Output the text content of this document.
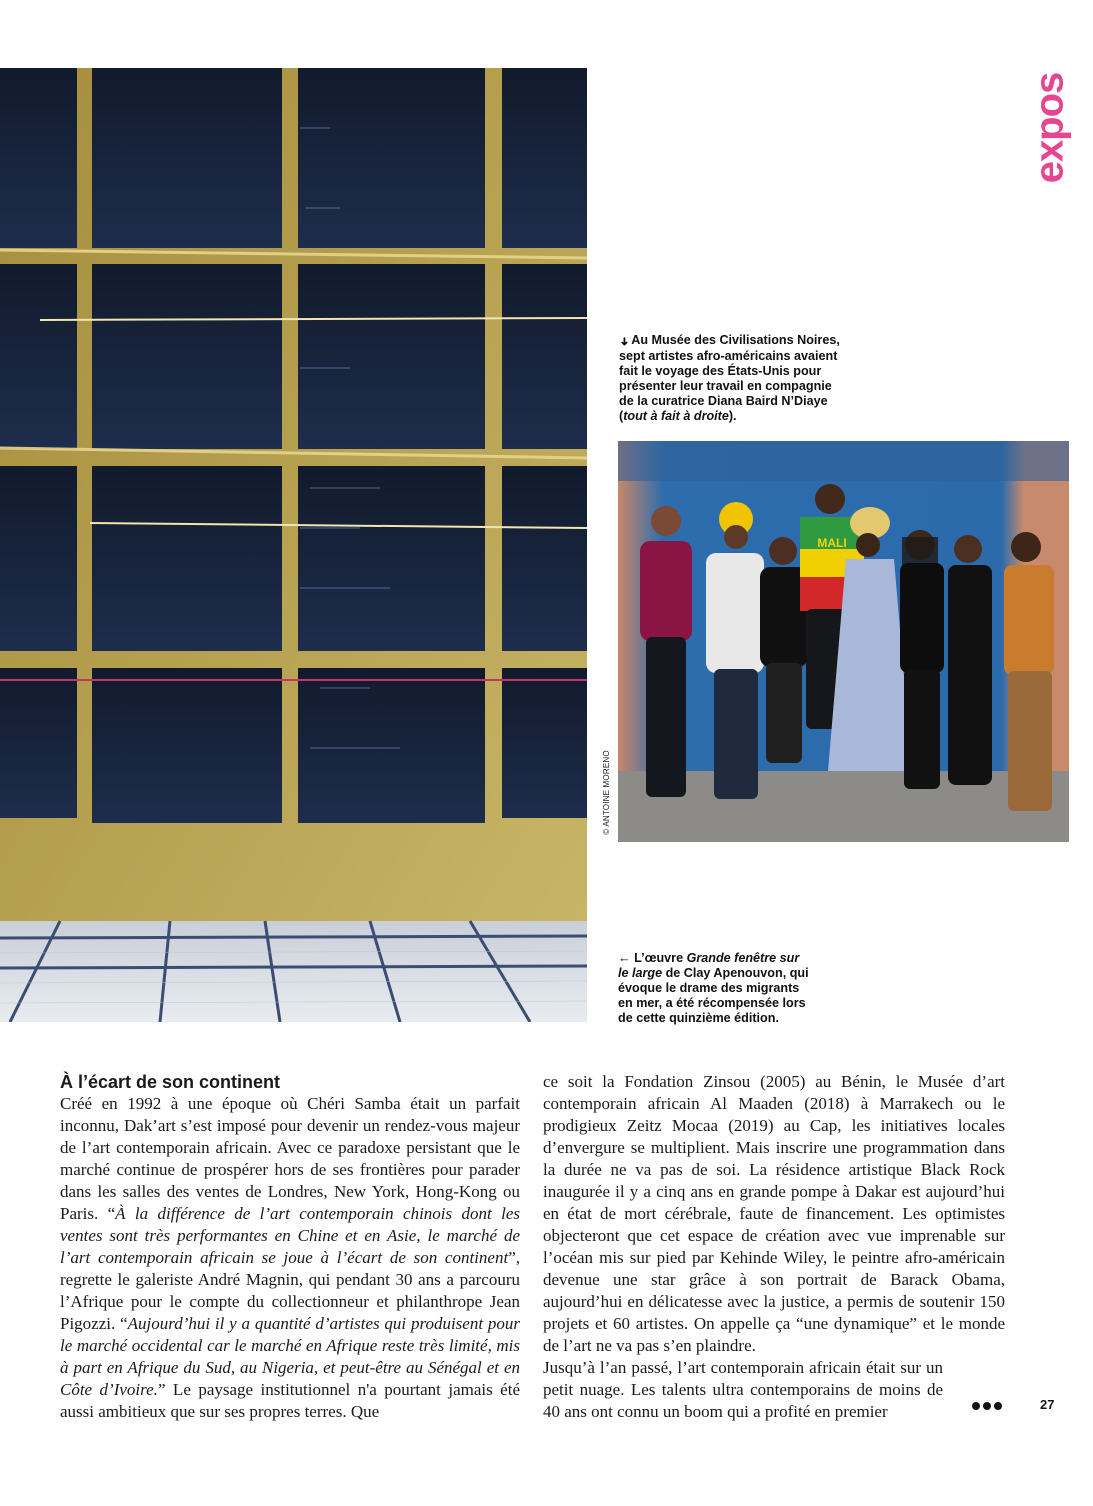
expos
➜ Au Musée des Civilisations Noires,
sept artistes afro-américains avaient
fait le voyage des États-Unis pour
présenter leur travail en compagnie
de la curatrice Diana Baird N’Diaye
(tout à fait à droite).
MALI
© ANTOINE MORENO
← L’œuvre Grande fenêtre sur
le large de Clay Apenouvon, qui
évoque le drame des migrants
en mer, a été récompensée lors
de cette quinzième édition.
À l’écart de son continent

Créé en 1992 à une époque où Chéri Samba était un parfait inconnu, Dak’art s’est imposé pour devenir un rendez-vous majeur de l’art contemporain africain. Avec ce paradoxe persistant que le marché continue de prospérer hors de ses frontières pour parader dans les salles des ventes de Londres, New York, Hong-Kong ou Paris. “À la différence de l’art contemporain chinois dont les ventes sont très performantes en Chine et en Asie, le marché de l’art contemporain africain se joue à l’écart de son continent”, regrette le galeriste André Magnin, qui pendant 30 ans a parcouru l’Afrique pour le compte du collectionneur et philanthrope Jean Pigozzi. “Aujourd’hui il y a quantité d’artistes qui produisent pour le marché occidental car le marché en Afrique reste très limité, mis à part en Afrique du Sud, au Nigeria, et peut-être au Sénégal et en Côte d’Ivoire.” Le paysage institutionnel n'a pourtant jamais été aussi ambitieux que sur ses propres terres. Que

ce soit la Fondation Zinsou (2005) au Bénin, le Musée d’art contemporain africain Al Maaden (2018) à Marrakech ou le prodigieux Zeitz Mocaa (2019) au Cap, les initiatives locales d’envergure se multiplient. Mais inscrire une programmation dans la durée ne va pas de soi. La résidence artistique Black Rock inaugurée il y a cinq ans en grande pompe à Dakar est aujourd’hui en état de mort cérébrale, faute de financement. Les optimistes objecteront que cet espace de création avec vue imprenable sur l’océan mis sur pied par Kehinde Wiley, le peintre afro-américain devenue une star grâce à son portrait de Barack Obama, aujourd’hui en délicatesse avec la justice, a permis de soutenir 150 projets et 60 artistes. On appelle ça “une dynamique” et le monde de l’art ne va pas s’en plaindre.

Jusqu’à l’an passé, l’art contemporain africain était sur un petit nuage. Les talents ultra contemporains de moins de 40 ans ont connu un boom qui a profité en premier	27
